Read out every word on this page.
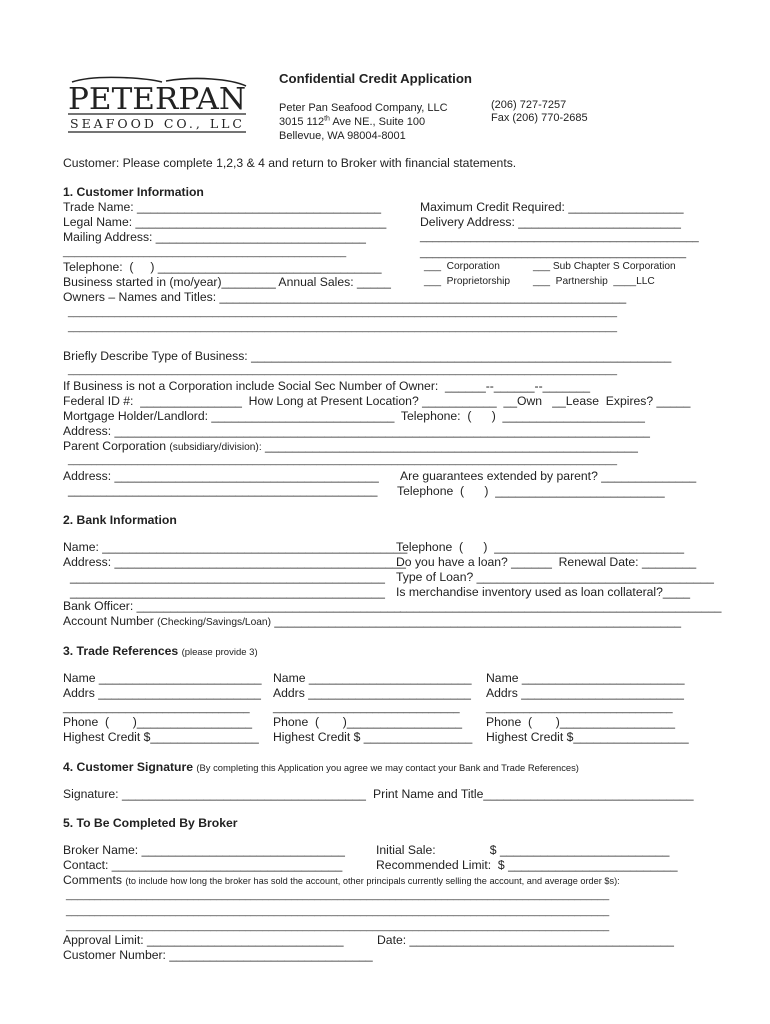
PETERPAN
SEAFOOD CO., LLC
Confidential Credit Application
Peter Pan Seafood Company, LLC
3015 112th Ave NE., Suite 100
Bellevue, WA 98004-8001
(206) 727-7257
Fax (206) 770-2685
Customer: Please complete 1,2,3 & 4 and return to Broker with financial statements.
1. Customer Information
Trade Name: ____________________________________	Maximum Credit Required: _________________
Legal Name: _____________________________________	Delivery Address: ________________________
Mailing Address: _______________________________	____________________________________________
_________________________________________________	__________________________________________
Telephone:  (     ) _________________________________	___  Corporation	___ Sub Chapter S Corporation
Business started in (mo/year)________ Annual Sales: _____	___  Proprietorship ___  Partnership  ____LLC
Owners – Names and Titles: ____________________________________________________________
_______________________________________________________________________________________________
_______________________________________________________________________________________________
Briefly Describe Type of Business: ______________________________________________________________
_______________________________________________________________________________________________
If Business is not a Corporation include Social Sec Number of Owner:  ______--______--_______
Federal ID #:  _______________  How Long at Present Location? ___________  __Own   __Lease  Expires? _____
Mortgage Holder/Landlord: ___________________________  Telephone:  (      )  _____________________
Address: _______________________________________________________________________________
Parent Corporation (subsidiary/division): _______________________________________________________
_______________________________________________________________________________________________
Address: _______________________________________ Are guarantees extended by parent? ______________
________________________________________________ Telephone  (      )  _________________________
2. Bank Information
Name: _____________________________________________
Telephone  (      )  ____________________________
Address: ___________________________________________
Do you have a loan? ______  Renewal Date: ________
________________________________________________ Type of Loan? ___________________________________
________________________________________________ Is merchandise inventory used as loan collateral?____
Bank Officer: _______________________________________ _________________________________________________
Account Number (Checking/Savings/Loan) ____________________________________________________________
3. Trade References (please provide 3)
Name ________________________ Name ________________________ Name ________________________
Addrs ________________________ Addrs ________________________ Addrs ________________________
______________________________ ______________________________ ______________________________
Phone  (       )_________________ Phone  (       )_________________ Phone  (       )_________________
Highest Credit $________________ Highest Credit $ ________________ Highest Credit $_________________
4. Customer Signature (By completing this Application you agree we may contact your Bank and Trade References)
Signature: ____________________________________ Print Name and Title_______________________________
5. To Be Completed By Broker
Broker Name: ______________________________	Initial Sale:                $ _________________________
Contact: __________________________________	Recommended Limit:  $ _________________________
Comments (to include how long the broker has sold the account, other principals currently selling the account, and average order $s):
______________________________________________________________________________________________
______________________________________________________________________________________________
______________________________________________________________________________________________
Approval Limit: _____________________________	Date: _______________________________________
Customer Number: ______________________________
